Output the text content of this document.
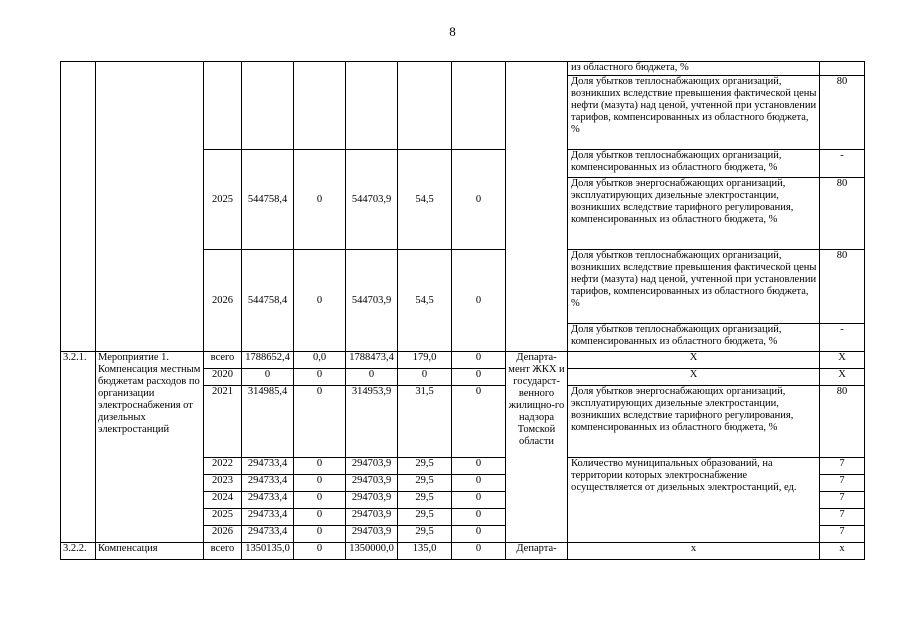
8
									из областного бюджета, %	
									Доля убытков теплоснабжающих организаций, возникших вследствие превышения фактической цены нефти (мазута) над ценой, учтенной при установлении тарифов, компенсированных из областного бюджета, %	80
		2025	544758,4	0	544703,9	54,5	0		Доля убытков теплоснабжающих организаций, компенсированных из областного бюджета, %	-
									Доля убытков энергоснабжающих организаций, эксплуатирующих дизельные электростанции, возникших вследствие тарифного регулирования, компенсированных из областного бюджета, %	80
		2026	544758,4	0	544703,9	54,5	0		Доля убытков теплоснабжающих организаций, возникших вследствие превышения фактической цены нефти (мазута) над ценой, учтенной при установлении тарифов, компенсированных из областного бюджета, %	80
									Доля убытков теплоснабжающих организаций, компенсированных из областного бюджета, %	-
3.2.1.	Мероприятие 1. Компенсация местным бюджетам расходов по организации электроснабжения от дизельных электростанций	всего	1788652,4	0,0	1788473,4	179,0	0	Департа-мент ЖКХ и государст-венного жилищно-го надзора Томской области	Х	Х
		2020	0	0	0	0	0		Х	Х
		2021	314985,4	0	314953,9	31,5	0		Доля убытков энергоснабжающих организаций, эксплуатирующих дизельные электростанции, возникших вследствие тарифного регулирования, компенсированных из областного бюджета, %	80
		2022	294733,4	0	294703,9	29,5	0		Количество муниципальных образований, на территории которых электроснабжение осуществляется от дизельных электростанций, ед.	7
		2023	294733,4	0	294703,9	29,5	0			7
		2024	294733,4	0	294703,9	29,5	0			7
		2025	294733,4	0	294703,9	29,5	0			7
		2026	294733,4	0	294703,9	29,5	0			7
3.2.2.	Компенсация	всего	1350135,0	0	1350000,0	135,0	0	Департа-	х	х
